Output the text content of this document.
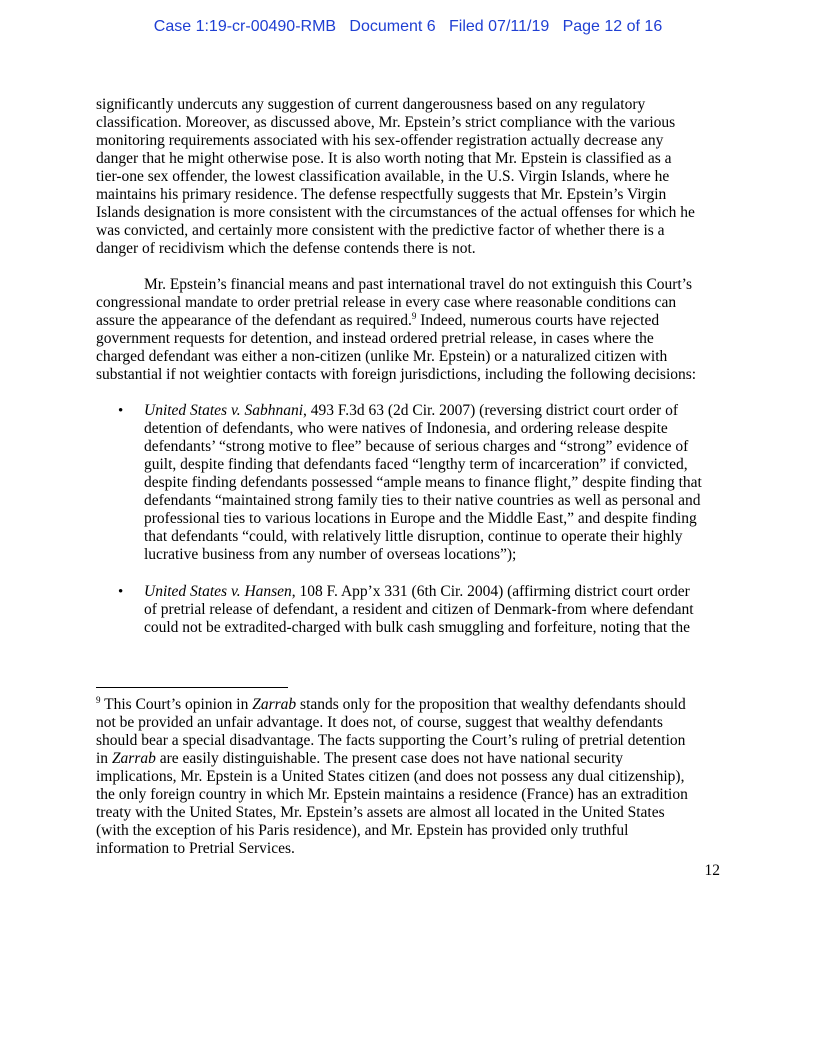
Case 1:19-cr-00490-RMB   Document 6   Filed 07/11/19   Page 12 of 16
significantly undercuts any suggestion of current dangerousness based on any regulatory
classification. Moreover, as discussed above, Mr. Epstein’s strict compliance with the various
monitoring requirements associated with his sex-offender registration actually decrease any
danger that he might otherwise pose. It is also worth noting that Mr. Epstein is classified as a
tier-one sex offender, the lowest classification available, in the U.S. Virgin Islands, where he
maintains his primary residence. The defense respectfully suggests that Mr. Epstein’s Virgin
Islands designation is more consistent with the circumstances of the actual offenses for which he
was convicted, and certainly more consistent with the predictive factor of whether there is a
danger of recidivism which the defense contends there is not.
Mr. Epstein’s financial means and past international travel do not extinguish this Court’s
congressional mandate to order pretrial release in every case where reasonable conditions can
assure the appearance of the defendant as required.$^9$ Indeed, numerous courts have rejected
government requests for detention, and instead ordered pretrial release, in cases where the
charged defendant was either a non-citizen (unlike Mr. Epstein) or a naturalized citizen with
substantial if not weightier contacts with foreign jurisdictions, including the following decisions:
• United States v. Sabhnani, 493 F.3d 63 (2d Cir. 2007) (reversing district court order of
detention of defendants, who were natives of Indonesia, and ordering release despite
defendants’ “strong motive to flee” because of serious charges and “strong” evidence of
guilt, despite finding that defendants faced “lengthy term of incarceration” if convicted,
despite finding defendants possessed “ample means to finance flight,” despite finding that
defendants “maintained strong family ties to their native countries as well as personal and
professional ties to various locations in Europe and the Middle East,” and despite finding
that defendants “could, with relatively little disruption, continue to operate their highly
lucrative business from any number of overseas locations”);
• United States v. Hansen, 108 F. App’x 331 (6th Cir. 2004) (affirming district court order
of pretrial release of defendant, a resident and citizen of Denmark-from where defendant
could not be extradited-charged with bulk cash smuggling and forfeiture, noting that the
$^9$ This Court’s opinion in Zarrab stands only for the proposition that wealthy defendants should
not be provided an unfair advantage. It does not, of course, suggest that wealthy defendants
should bear a special disadvantage. The facts supporting the Court’s ruling of pretrial detention
in Zarrab are easily distinguishable. The present case does not have national security
implications, Mr. Epstein is a United States citizen (and does not possess any dual citizenship),
the only foreign country in which Mr. Epstein maintains a residence (France) has an extradition
treaty with the United States, Mr. Epstein’s assets are almost all located in the United States
(with the exception of his Paris residence), and Mr. Epstein has provided only truthful
information to Pretrial Services.
12
